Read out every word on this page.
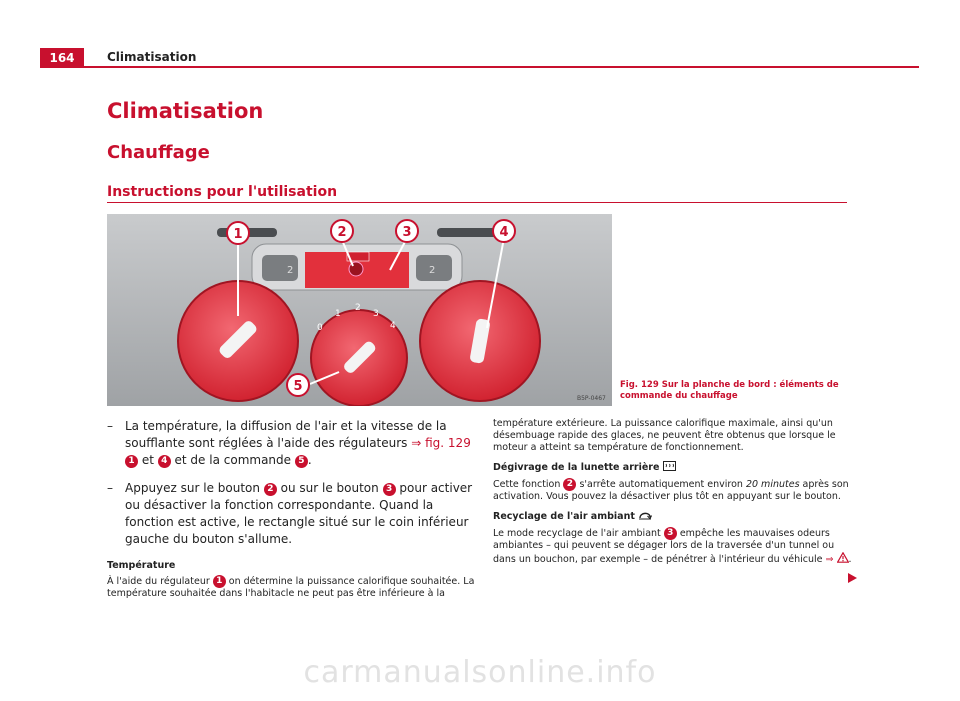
164	Climatisation
Climatisation
Chauffage
Instructions pour l'utilisation
2	2
0
1
2
3
4
1	2	3	4
5
B5P-0467
Fig. 129 Sur la planche de bord : éléments de commande du chauffage
– La température, la diffusion de l'air et la vitesse de la soufflante sont réglées à l'aide des régulateurs ⇒ fig. 129 1 et 4 et de la commande 5 .
– Appuyez sur le bouton 2 ou sur le bouton 3 pour activer ou désactiver la fonction correspondante. Quand la fonction est active, le rectangle situé sur le coin inférieur gauche du bouton s'allume.
Température
À l'aide du régulateur 1 on détermine la puissance calorifique souhaitée. La température souhaitée dans l'habitacle ne peut pas être inférieure à la
température extérieure. La puissance calorifique maximale, ainsi qu'un désembuage rapide des glaces, ne peuvent être obtenus que lorsque le moteur a atteint sa température de fonctionnement.
Dégivrage de la lunette arrière
Cette fonction 2 s'arrête automatiquement environ 20 minutes après son activation. Vous pouvez la désactiver plus tôt en appuyant sur le bouton.
Recyclage de l'air ambiant
Le mode recyclage de l'air ambiant 3 empêche les mauvaises odeurs ambiantes – qui peuvent se dégager lors de la traversée d'un tunnel ou dans un bouchon, par exemple – de pénétrer à l'intérieur du véhicule ⇒ .
carmanualsonline.info
